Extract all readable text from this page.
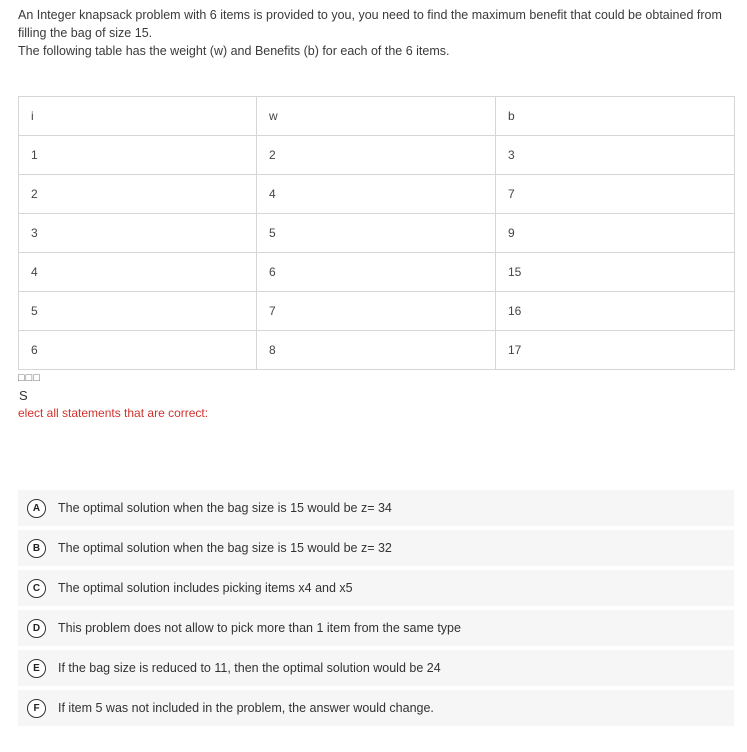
An Integer knapsack problem with 6 items is provided to you, you need to find the maximum benefit that could be obtained from filling the bag of size 15.

The following table has the weight (w) and Benefits (b) for each of the 6 items.

i	w	b
1	2	3
2	4	7
3	5	9
4	6	15
5	7	16
6	8	17
□□□
S
elect all statements that are correct:
A	The optimal solution when the bag size is 15 would be z= 34
B	The optimal solution when the bag size is 15 would be z= 32
C	The optimal solution includes picking items x4 and x5
D	This problem does not allow to pick more than 1 item from the same type
E	If the bag size is reduced to 11, then the optimal solution would be 24
F	If item 5 was not included in the problem, the answer would change.
